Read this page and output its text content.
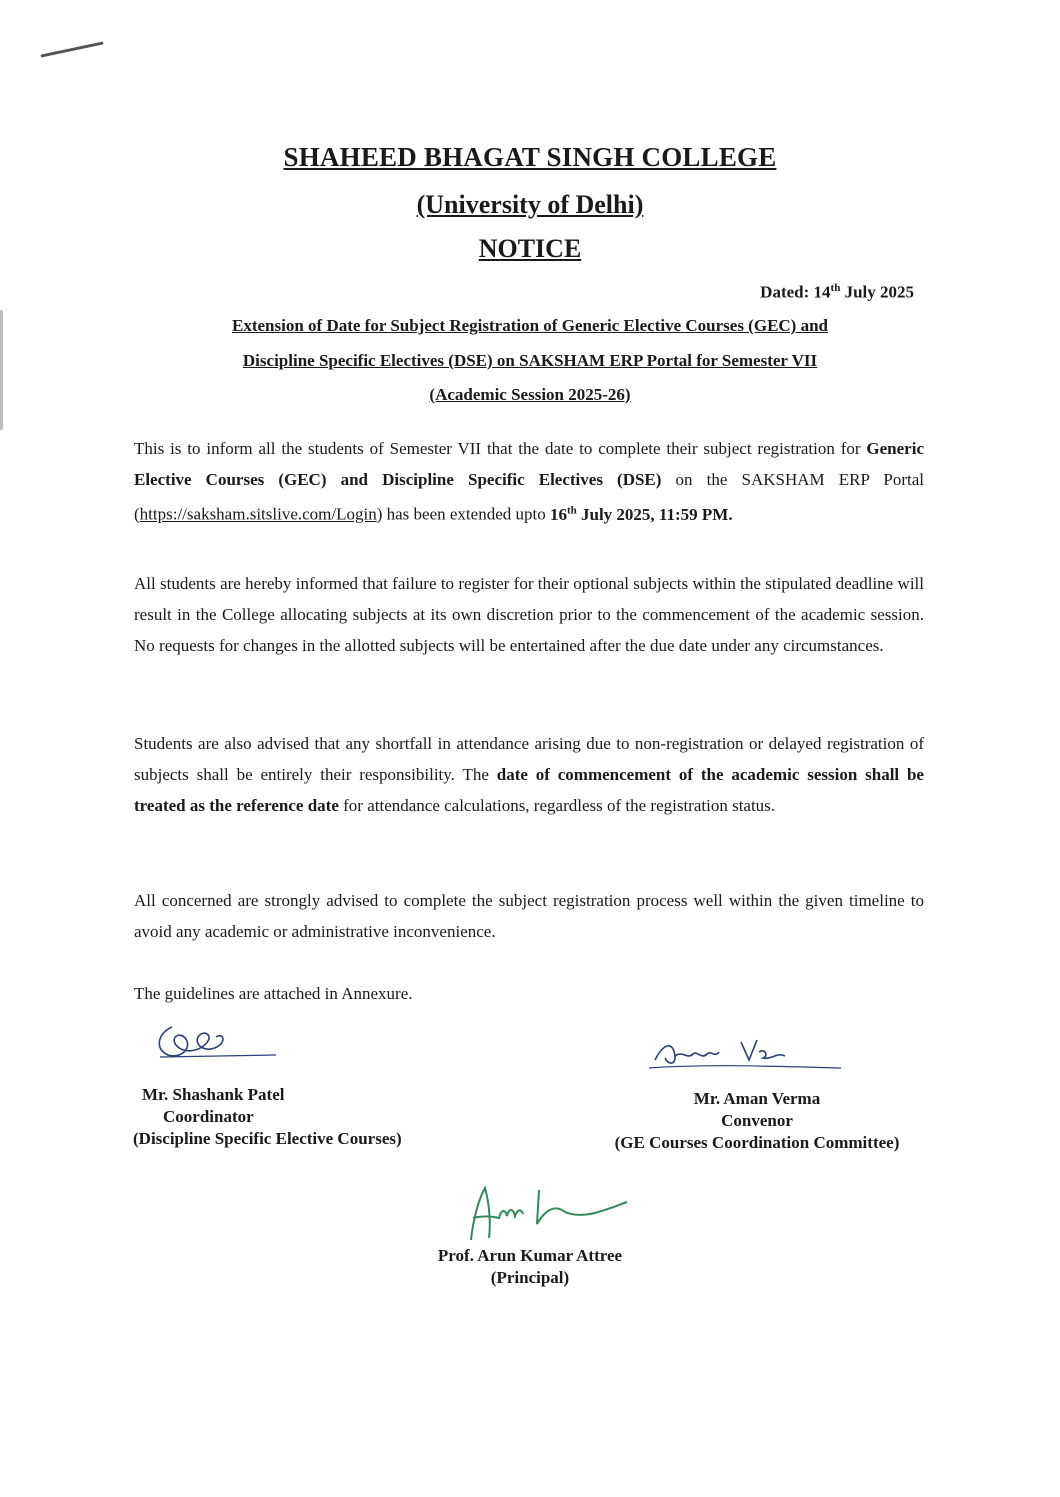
SHAHEED BHAGAT SINGH COLLEGE
(University of Delhi)
NOTICE
Dated: 14th July 2025
Extension of Date for Subject Registration of Generic Elective Courses (GEC) and
Discipline Specific Electives (DSE) on SAKSHAM ERP Portal for Semester VII
(Academic Session 2025-26)

This is to inform all the students of Semester VII that the date to complete their subject registration for Generic Elective Courses (GEC) and Discipline Specific Electives (DSE) on the SAKSHAM ERP Portal (https://saksham.sitslive.com/Login) has been extended upto 16th July 2025, 11:59 PM.

All students are hereby informed that failure to register for their optional subjects within the stipulated deadline will result in the College allocating subjects at its own discretion prior to the commencement of the academic session. No requests for changes in the allotted subjects will be entertained after the due date under any circumstances.

Students are also advised that any shortfall in attendance arising due to non-registration or delayed registration of subjects shall be entirely their responsibility. The date of commencement of the academic session shall be treated as the reference date for attendance calculations, regardless of the registration status.

All concerned are strongly advised to complete the subject registration process well within the given timeline to avoid any academic or administrative inconvenience.

The guidelines are attached in Annexure.

Mr. Shashank Patel
Coordinator
(Discipline Specific Elective Courses)
Mr. Aman Verma
Convenor
(GE Courses Coordination Committee)
Prof. Arun Kumar Attree
(Principal)
